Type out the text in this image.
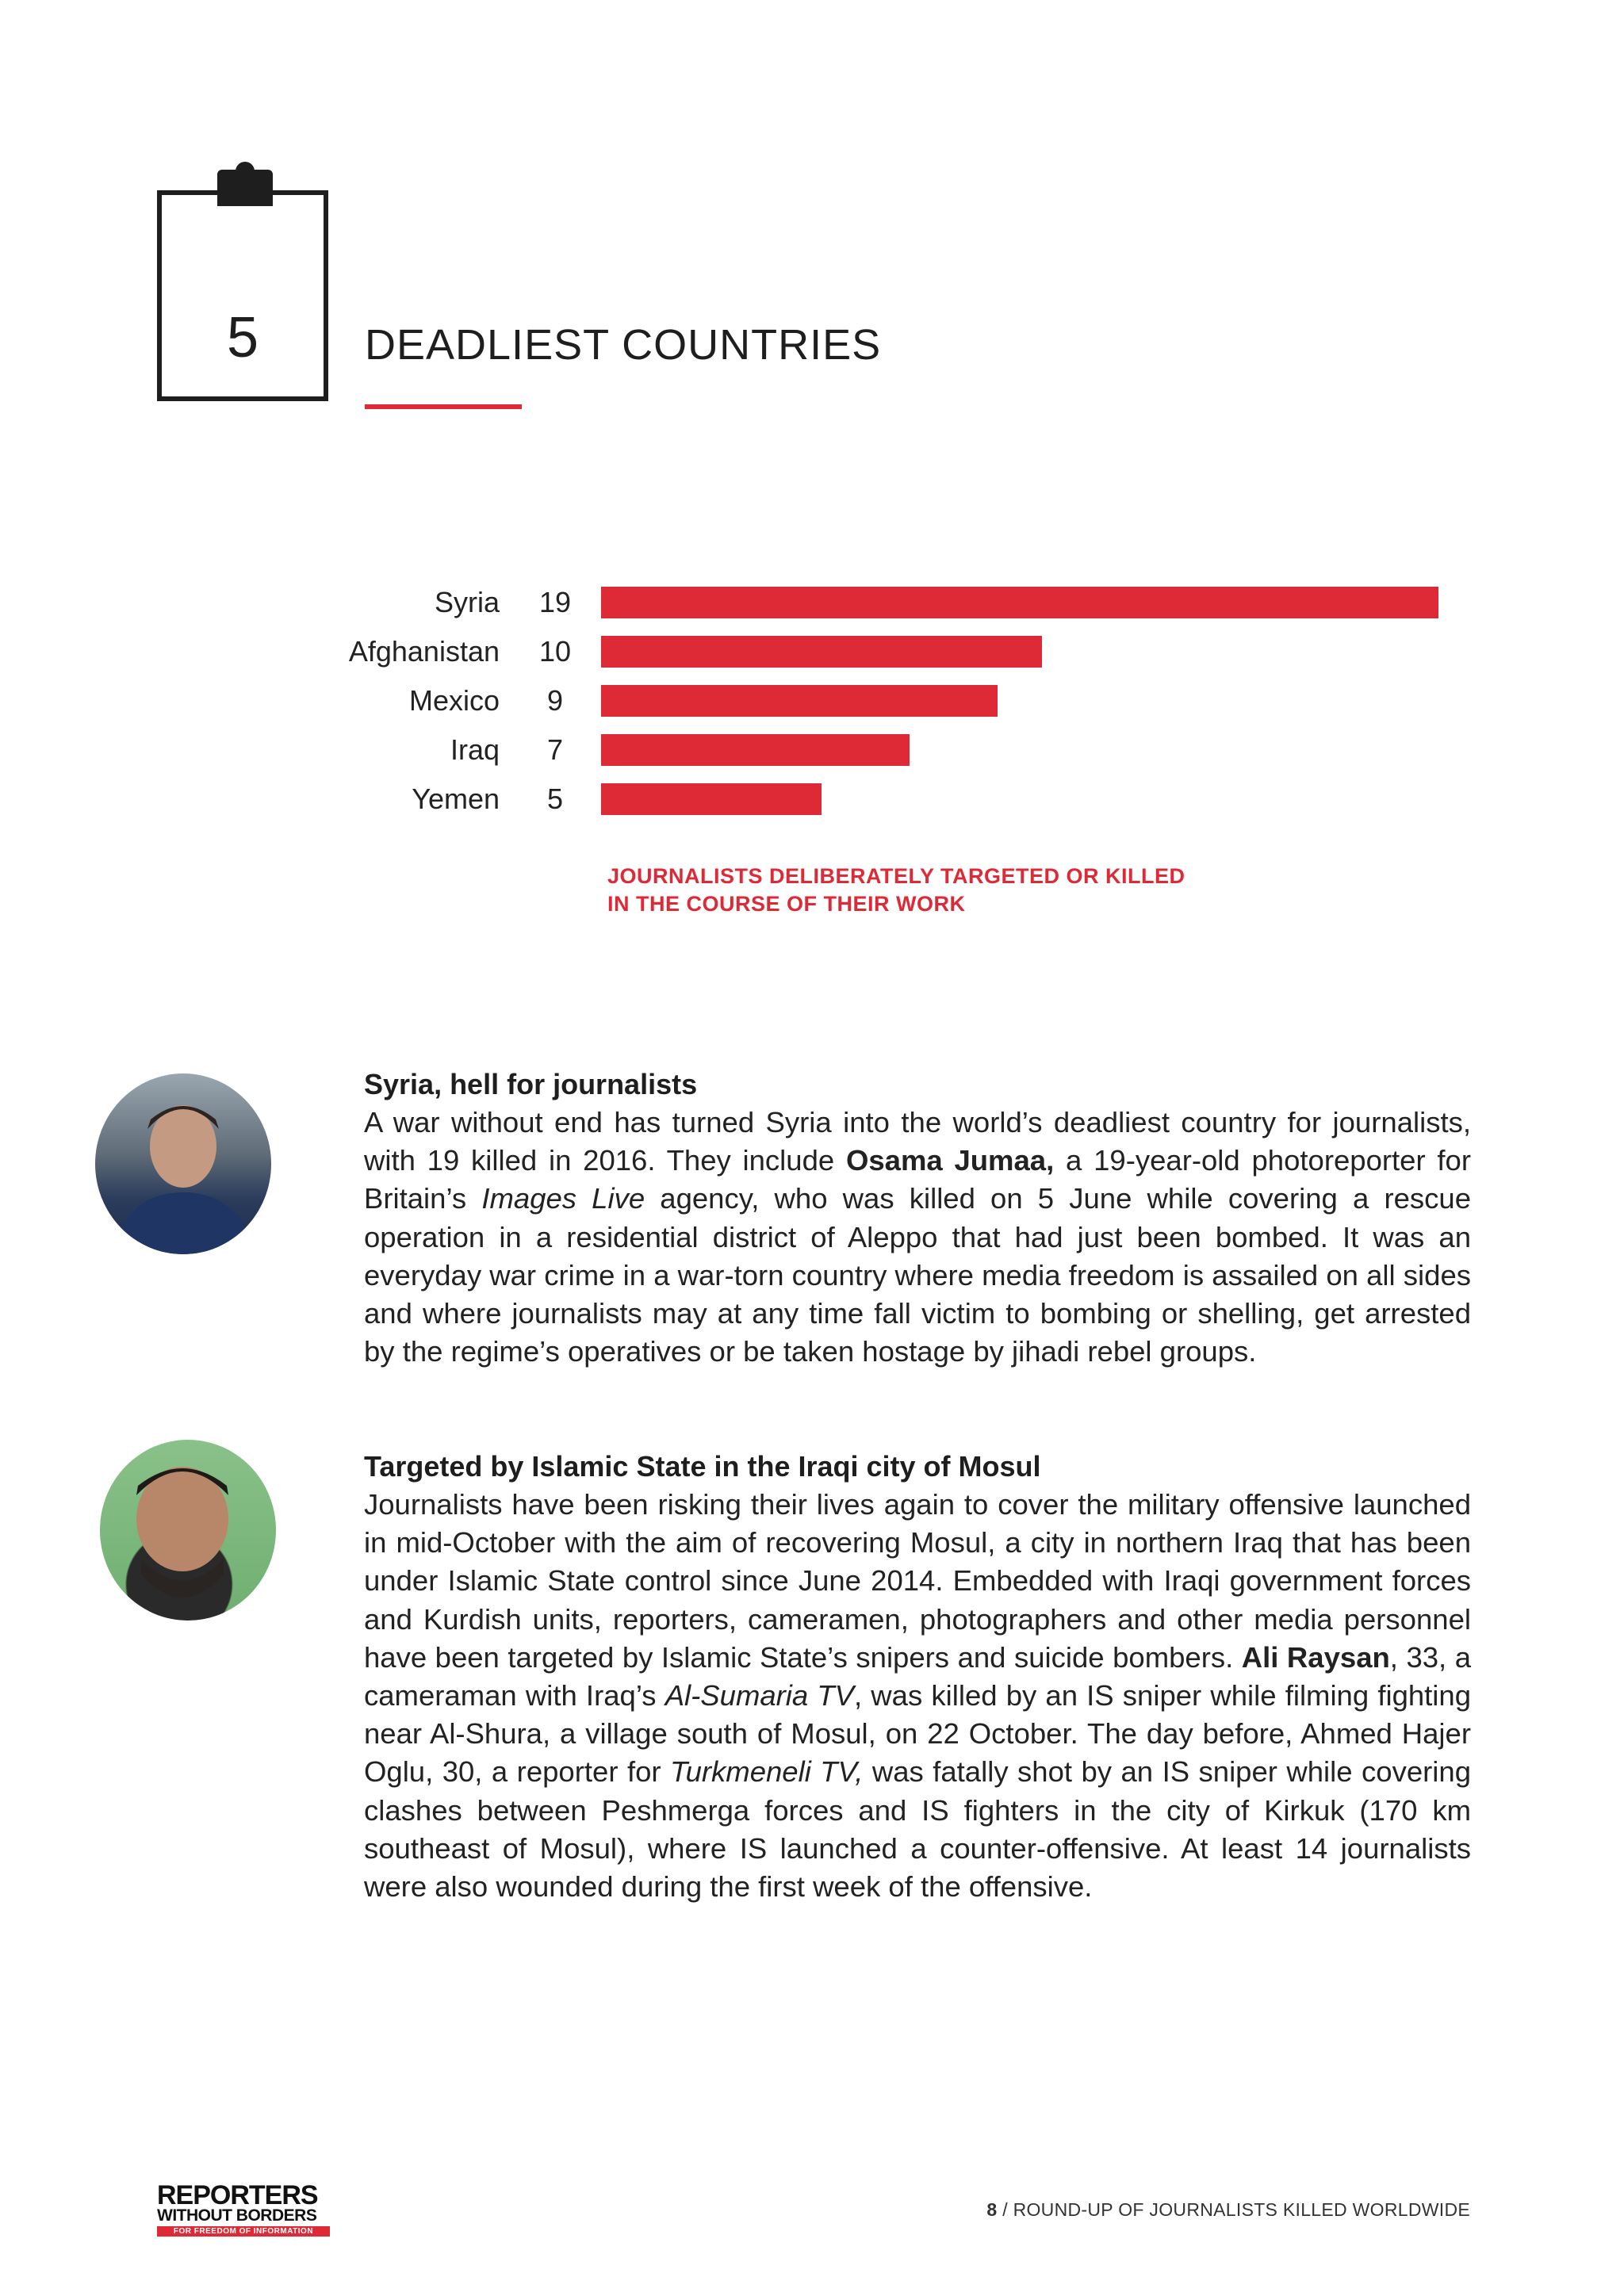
5	DEADLIEST COUNTRIES
Syria 19
Afghanistan 10
Mexico	9
Iraq	7
Yemen	5
JOURNALISTS DELIBERATELY TARGETED OR KILLED
IN THE COURSE OF THEIR WORK
Syria, hell for journalists

A war without end has turned Syria into the world’s deadliest country for journalists, with 19 killed in 2016. They include Osama Jumaa, a 19-year-old photoreporter for Britain’s Images Live agency, who was killed on 5 June while covering a rescue operation in a residential district of Aleppo that had just been bombed. It was an everyday war crime in a war-torn country where media freedom is assailed on all sides and where journalists may at any time fall victim to bombing or shelling, get arrested by the regime’s operatives or be taken hostage by jihadi rebel groups.

Targeted by Islamic State in the Iraqi city of Mosul

Journalists have been risking their lives again to cover the military offensive launched in mid-October with the aim of recovering Mosul, a city in northern Iraq that has been under Islamic State control since June 2014. Embedded with Iraqi government forces and Kurdish units, reporters, cameramen, photographers and other media personnel have been targeted by Islamic State’s snipers and suicide bombers. Ali Raysan, 33, a cameraman with Iraq’s Al-Sumaria TV, was killed by an IS sniper while filming fighting near Al-Shura, a village south of Mosul, on 22 October. The day before, Ahmed Hajer Oglu, 30, a reporter for Turkmeneli TV, was fatally shot by an IS sniper while covering clashes between Peshmerga forces and IS fighters in the city of Kirkuk (170 km southeast of Mosul), where IS launched a counter-offensive. At least 14 journalists were also wounded during the first week of the offensive.

REPORTERS
WITHOUT BORDERS
FOR FREEDOM OF INFORMATION
8 / ROUND-UP OF JOURNALISTS KILLED WORLDWIDE
